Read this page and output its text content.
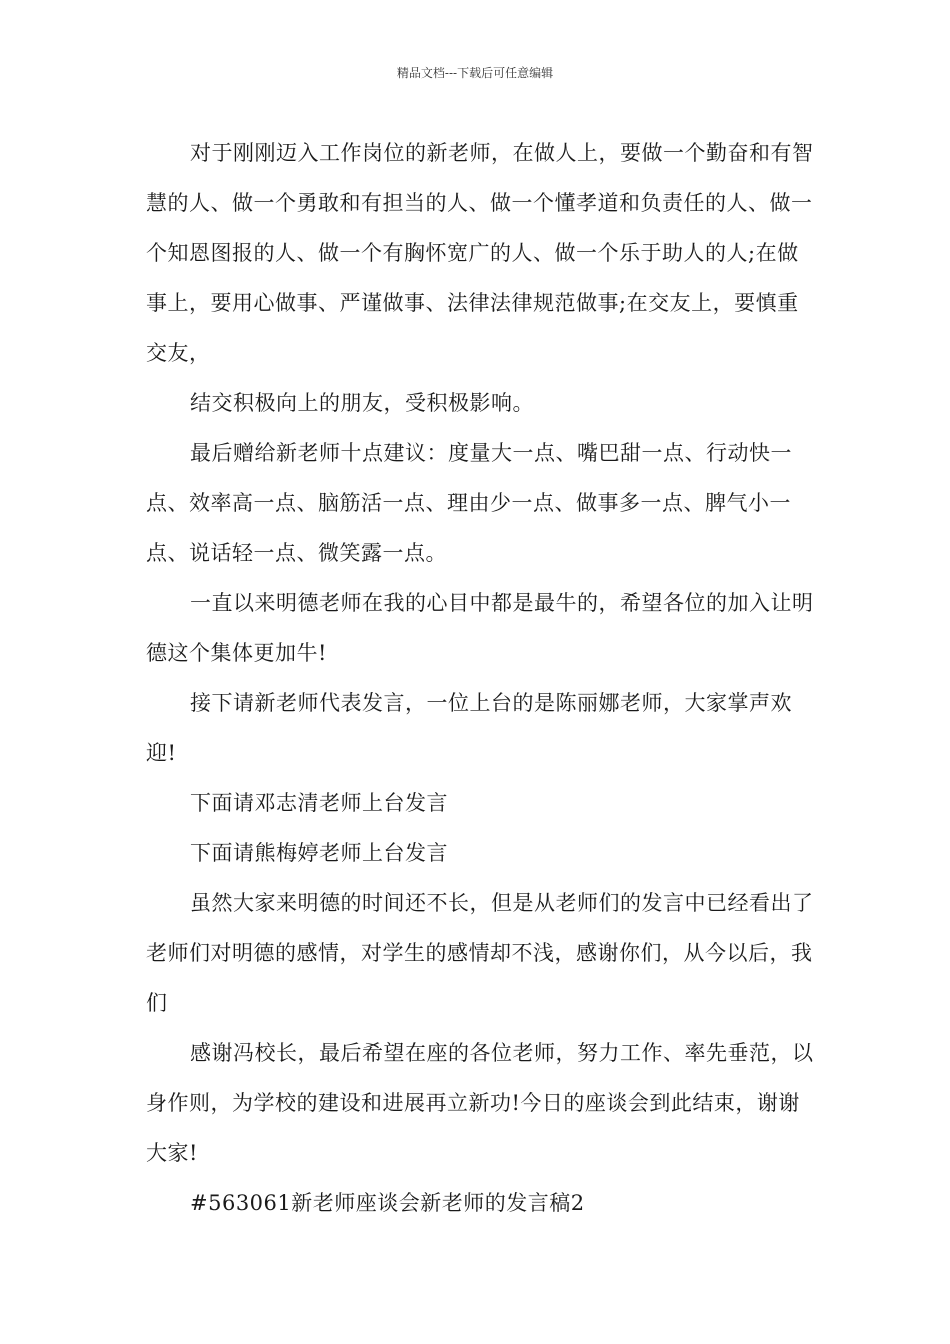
精品文档---下载后可任意编辑

对于刚刚迈入工作岗位的新老师，在做人上，要做一个勤奋和有智慧的人、做一个勇敢和有担当的人、做一个懂孝道和负责任的人、做一个知恩图报的人、做一个有胸怀宽广的人、做一个乐于助人的人;在做事上，要用心做事、严谨做事、法律法律规范做事;在交友上，要慎重交友，

结交积极向上的朋友，受积极影响。

最后赠给新老师十点建议：度量大一点、嘴巴甜一点、行动快一点、效率高一点、脑筋活一点、理由少一点、做事多一点、脾气小一点、说话轻一点、微笑露一点。

一直以来明德老师在我的心目中都是最牛的，希望各位的加入让明德这个集体更加牛!

接下请新老师代表发言，一位上台的是陈丽娜老师，大家掌声欢迎!

下面请邓志清老师上台发言

下面请熊梅婷老师上台发言

虽然大家来明德的时间还不长，但是从老师们的发言中已经看出了老师们对明德的感情，对学生的感情却不浅，感谢你们，从今以后，我们

感谢冯校长，最后希望在座的各位老师，努力工作、率先垂范，以身作则，为学校的建设和进展再立新功!今日的座谈会到此结束，谢谢大家!

#563061新老师座谈会新老师的发言稿2
